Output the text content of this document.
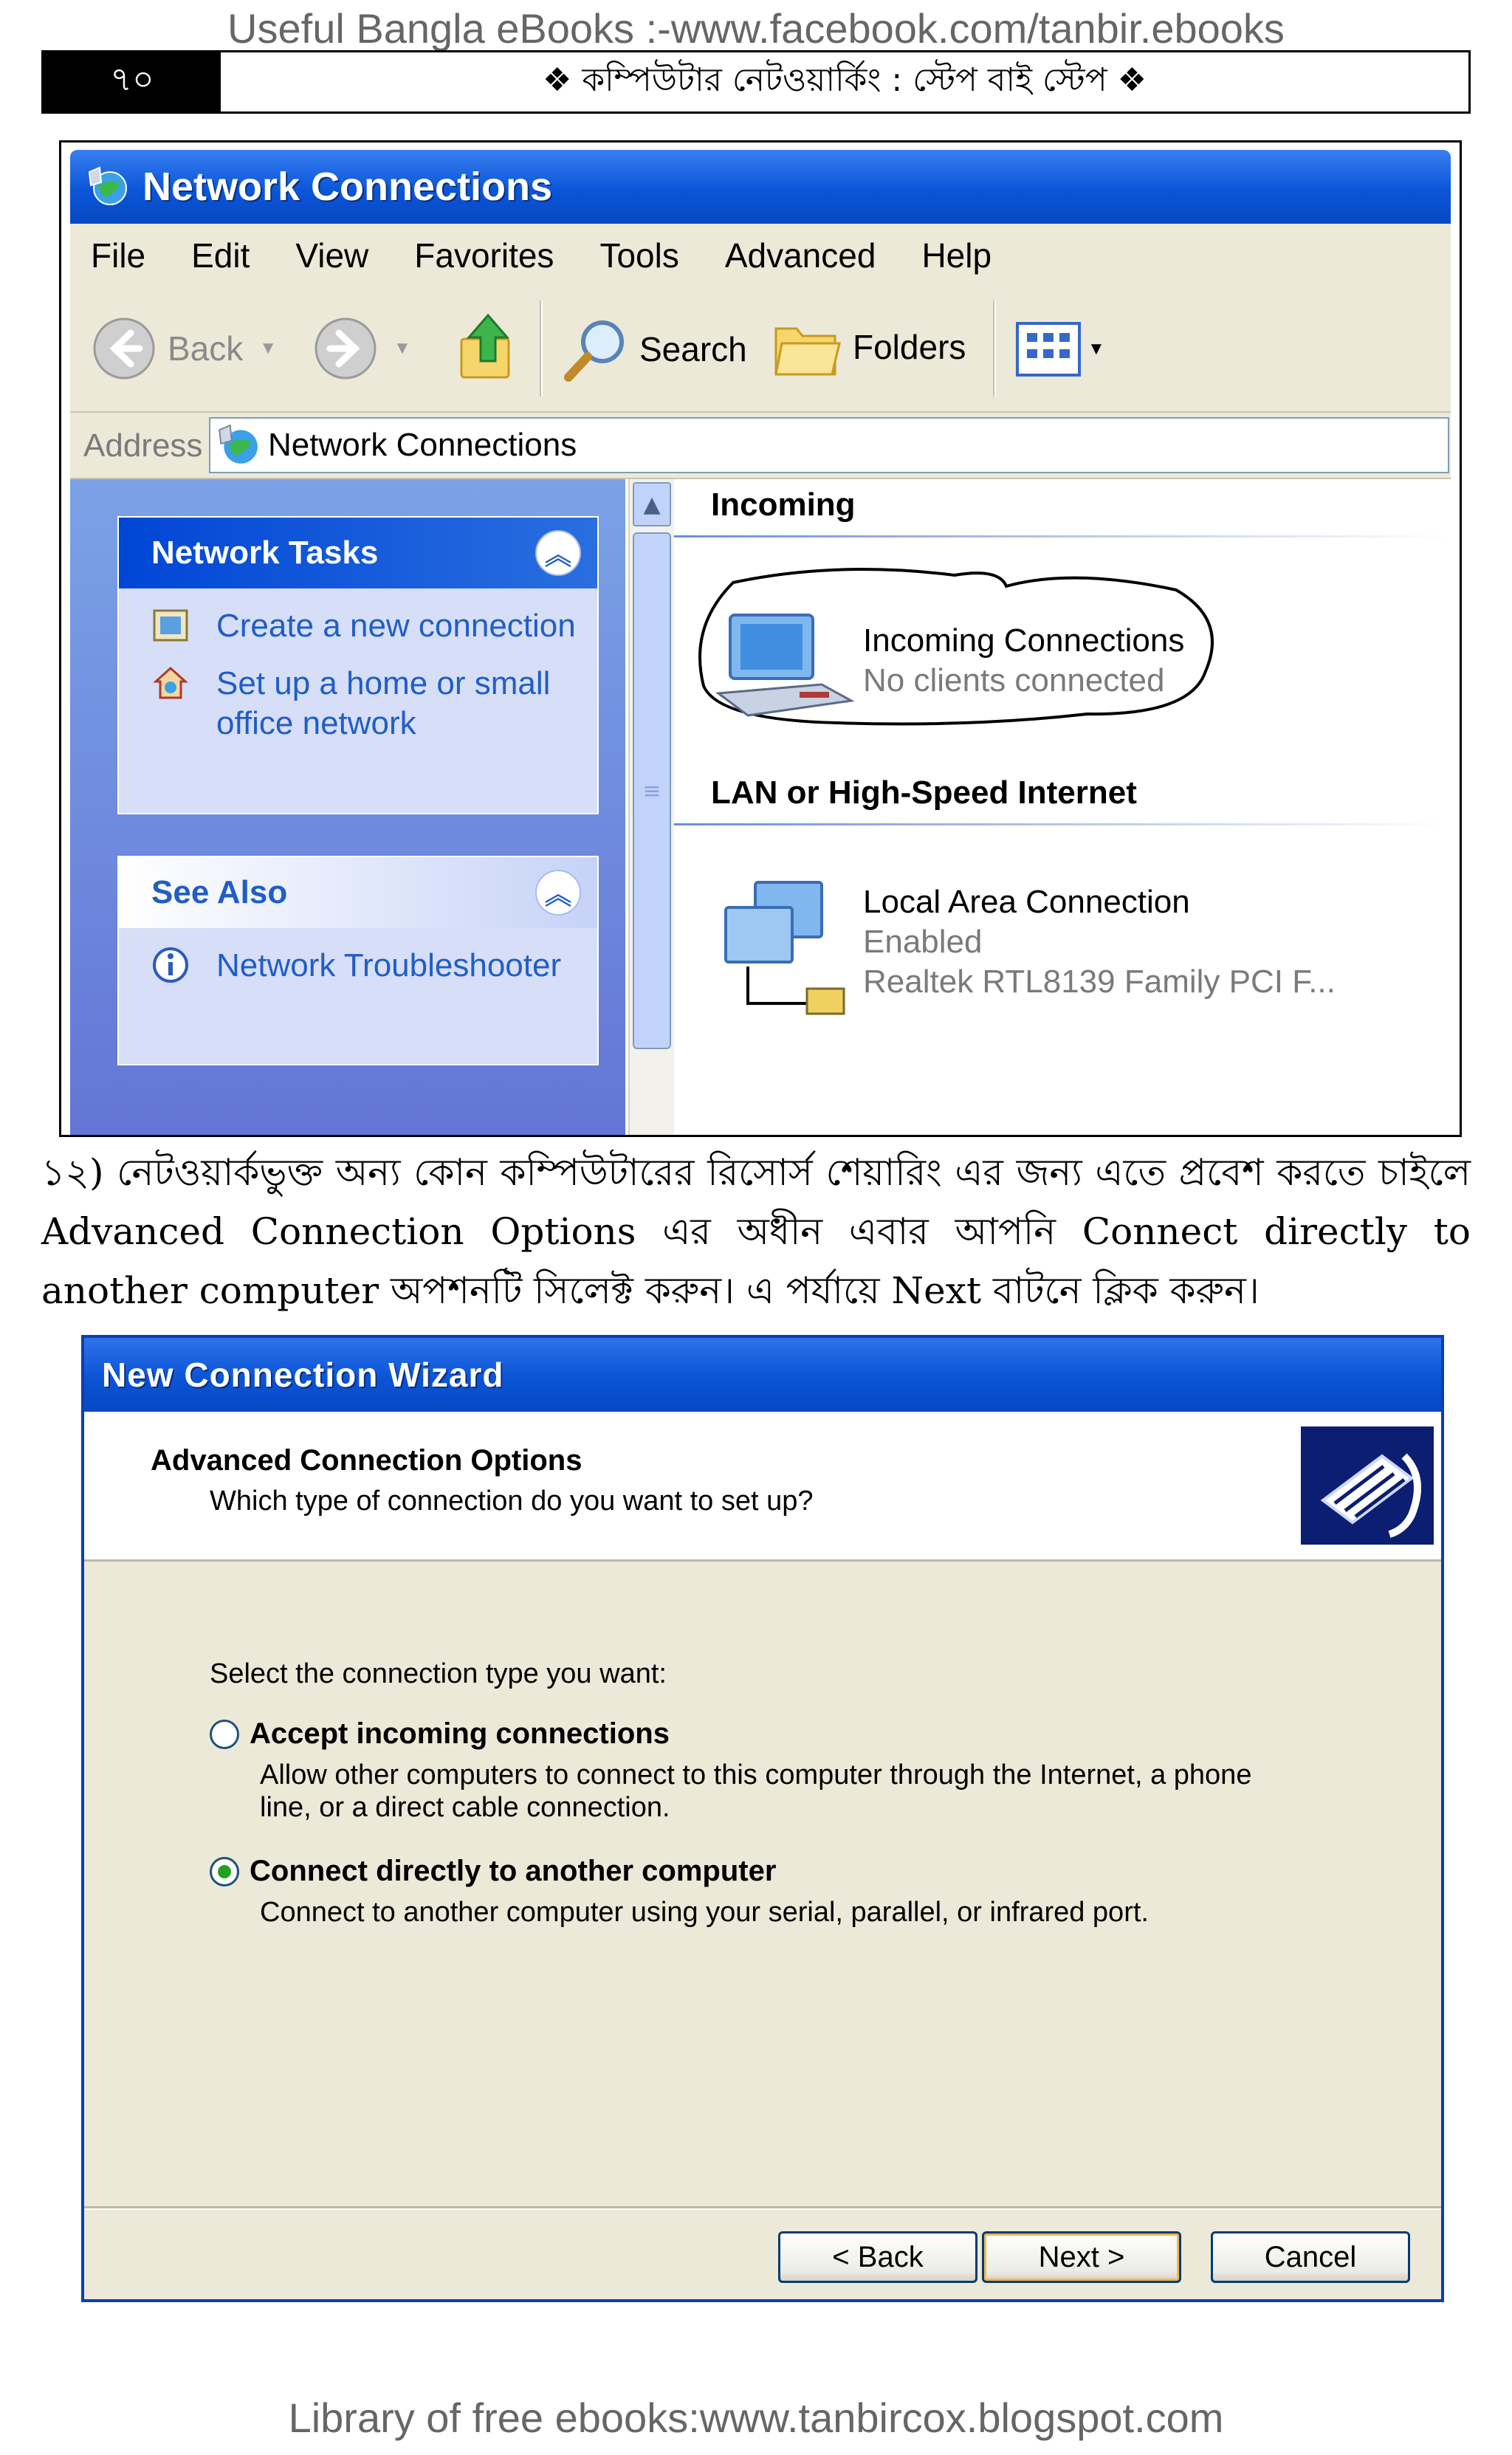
Useful Bangla eBooks :-www.facebook.com/tanbir.ebooks
৭০	❖ কম্পিউটার নেটওয়ার্কিং : স্টেপ বাই স্টেপ ❖
Network Connections
File Edit View Favorites Tools Advanced Help
Back ▼	▼	Search	Folders	▼
Address Network Connections
Network Tasks	︽
Create a new connection
Set up a home or small office network
See Also	︽
Network Troubleshooter
▲
≡
Incoming
Incoming Connections
No clients connected
LAN or High-Speed Internet
Local Area Connection
Enabled
Realtek RTL8139 Family PCI F...
১২) নেটওয়ার্কভুক্ত অন্য কোন কম্পিউটারের রিসোর্স শেয়ারিং এর জন্য এতে প্রবেশ করতে চাইলে Advanced Connection Options এর অধীন এবার আপনি Connect directly to another computer অপশনটি সিলেক্ট করুন। এ পর্যায়ে Next বাটনে ক্লিক করুন।
New Connection Wizard
Advanced Connection Options
Which type of connection do you want to set up?
Select the connection type you want:
Accept incoming connections
Allow other computers to connect to this computer through the Internet, a phone
line, or a direct cable connection.
Connect directly to another computer
Connect to another computer using your serial, parallel, or infrared port.
< Back	Next >	Cancel
Library of free ebooks:www.tanbircox.blogspot.com
